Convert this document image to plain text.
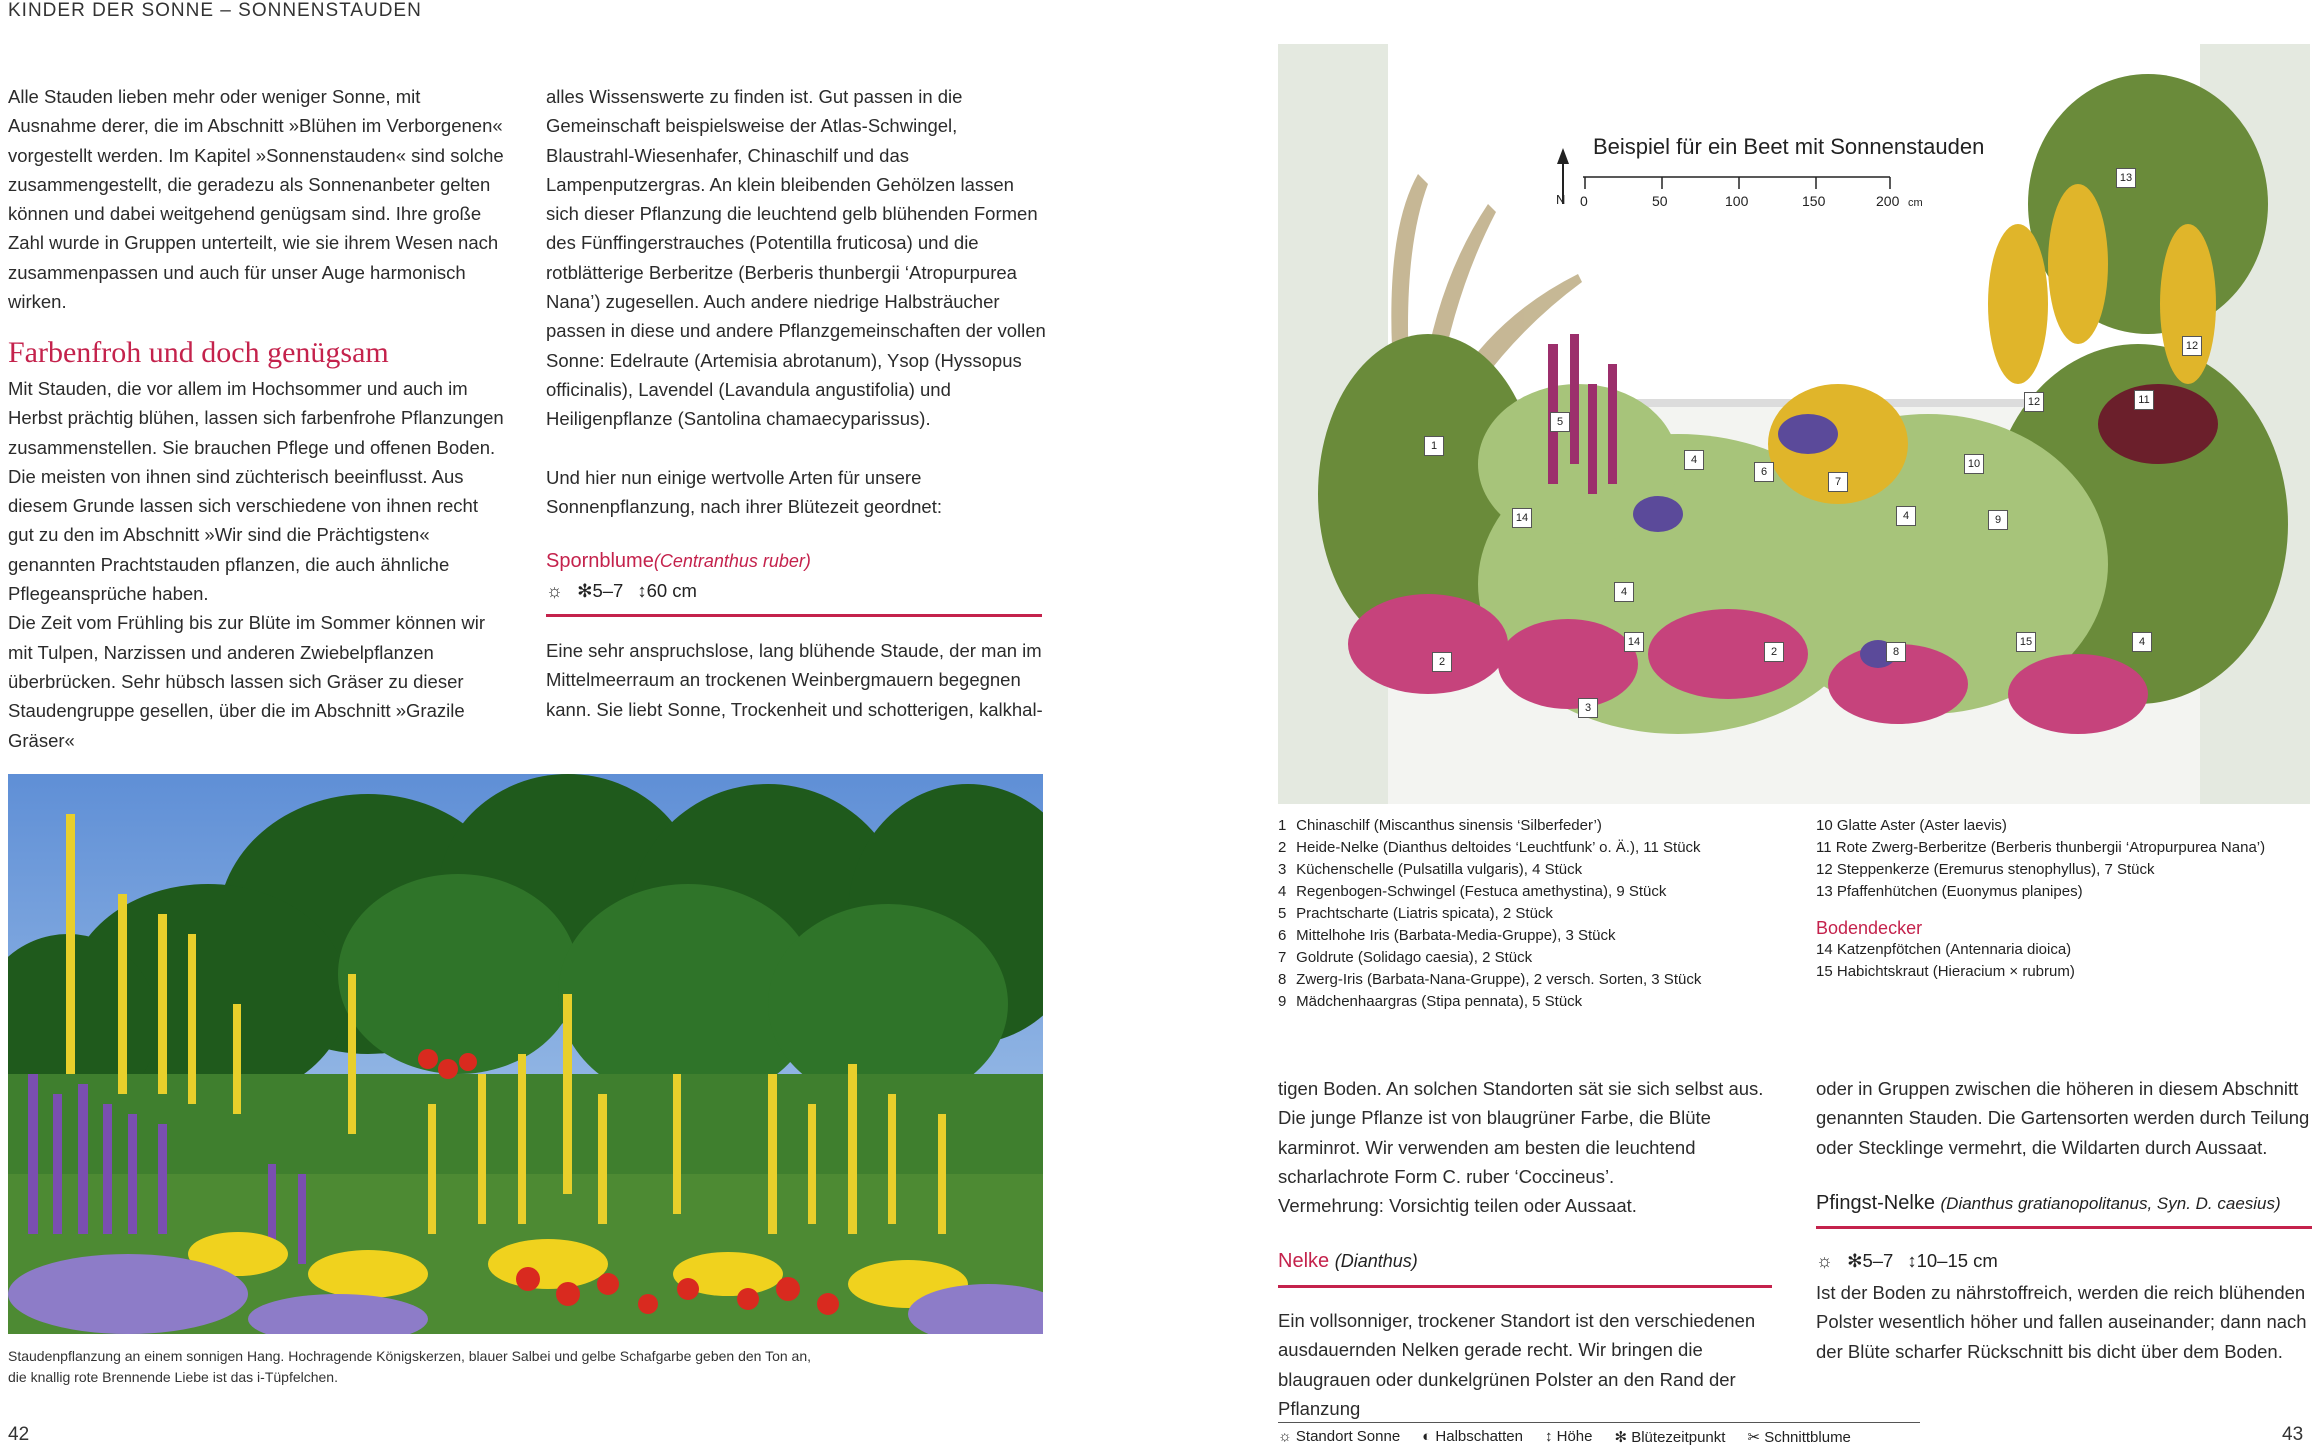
KINDER DER SONNE – SONNENSTAUDEN

Alle Stauden lieben mehr oder weniger Sonne, mit Ausnahme derer, die im Abschnitt »Blühen im Verborgenen« vorgestellt werden. Im Kapitel »Sonnenstauden« sind solche zusammengestellt, die geradezu als Sonnenanbeter gelten können und dabei weitgehend genügsam sind. Ihre große Zahl wurde in Gruppen unterteilt, wie sie ihrem Wesen nach zusammenpassen und auch für unser Auge harmonisch wirken.

Farbenfroh und doch genügsam

Mit Stauden, die vor allem im Hochsommer und auch im Herbst prächtig blühen, lassen sich farbenfrohe Pflanzungen zusammenstellen. Sie brauchen Pflege und offenen Boden. Die meisten von ihnen sind züchterisch beeinflusst. Aus diesem Grunde lassen sich verschiedene von ihnen recht gut zu den im Abschnitt »Wir sind die Prächtigsten« genannten Prachtstauden pflanzen, die auch ähnliche Pflegeansprüche haben.

Die Zeit vom Frühling bis zur Blüte im Sommer können wir mit Tulpen, Narzissen und anderen Zwiebelpflanzen überbrücken. Sehr hübsch lassen sich Gräser zu dieser Staudengruppe gesellen, über die im Abschnitt »Grazile Gräser«

alles Wissenswerte zu finden ist. Gut passen in die Gemeinschaft beispielsweise der Atlas-Schwingel, Blaustrahl-Wiesenhafer, Chinaschilf und das Lampenputzergras. An klein bleibenden Gehölzen lassen sich dieser Pflanzung die leuchtend gelb blühenden Formen des Fünffingerstrauches (Potentilla fruticosa) und die rotblätterige Berberitze (Berberis thunbergii ‘Atropurpurea Nana’) zugesellen. Auch andere niedrige Halbsträucher passen in diese und andere Pflanzgemeinschaften der vollen Sonne: Edelraute (Artemisia abrotanum), Ysop (Hyssopus officinalis), Lavendel (Lavandula angustifolia) und Heiligenpflanze (Santolina chamaecyparissus).

Und hier nun einige wertvolle Arten für unsere Sonnenpflanzung, nach ihrer Blütezeit geordnet:

Spornblume(Centranthus ruber)
☼ ✻5–7 ↕60 cm
Eine sehr anspruchslose, lang blühende Staude, der man im Mittelmeerraum an trockenen Weinbergmauern begegnen kann. Sie liebt Sonne, Trockenheit und schotterigen, kalkhal-
Staudenpflanzung an einem sonnigen Hang. Hochragende Königskerzen, blauer Salbei und gelbe Schafgarbe geben den Ton an,
die knallig rote Brennende Liebe ist das i-Tüpfelchen.
42
Beispiel für ein Beet mit Sonnenstauden
N 0	50	100	150	200 cm
1
2
2
3
4
4
4
4
5
6
7
8
9
10
11
12
12
13
14
14	15
1 Chinaschilf (Miscanthus sinensis ‘Silberfeder’)
2 Heide-Nelke (Dianthus deltoides ‘Leuchtfunk’ o. Ä.), 11 Stück
3 Küchenschelle (Pulsatilla vulgaris), 4 Stück
4 Regenbogen-Schwingel (Festuca amethystina), 9 Stück
5 Prachtscharte (Liatris spicata), 2 Stück
6 Mittelhohe Iris (Barbata-Media-Gruppe), 3 Stück
7 Goldrute (Solidago caesia), 2 Stück
8 Zwerg-Iris (Barbata-Nana-Gruppe), 2 versch. Sorten, 3 Stück
9 Mädchenhaargras (Stipa pennata), 5 Stück
10 Glatte Aster (Aster laevis)
11 Rote Zwerg-Berberitze (Berberis thunbergii ‘Atropurpurea Nana’)
12 Steppenkerze (Eremurus stenophyllus), 7 Stück
13 Pfaffenhütchen (Euonymus planipes)
Bodendecker
14 Katzenpfötchen (Antennaria dioica)
15 Habichtskraut (Hieracium × rubrum)

tigen Boden. An solchen Standorten sät sie sich selbst aus. Die junge Pflanze ist von blaugrüner Farbe, die Blüte karminrot. Wir verwenden am besten die leuchtend scharlachrote Form C. ruber ‘Coccineus’.

Vermehrung: Vorsichtig teilen oder Aussaat.

Nelke (Dianthus)
Ein vollsonniger, trockener Standort ist den verschiedenen ausdauernden Nelken gerade recht. Wir bringen die blaugrauen oder dunkelgrünen Polster an den Rand der Pflanzung

oder in Gruppen zwischen die höheren in diesem Abschnitt genannten Stauden. Die Gartensorten werden durch Teilung oder Stecklinge vermehrt, die Wildarten durch Aussaat.

Pfingst-Nelke (Dianthus gratianopolitanus, Syn. D. caesius)
☼ ✻5–7 ↕10–15 cm
Ist der Boden zu nährstoffreich, werden die reich blühenden Polster wesentlich höher und fallen auseinander; dann nach der Blüte scharfer Rückschnitt bis dicht über dem Boden.
☼ Standort Sonne ◐ Halbschatten ↕ Höhe ✻ Blütezeitpunkt ✂ Schnittblume	43
